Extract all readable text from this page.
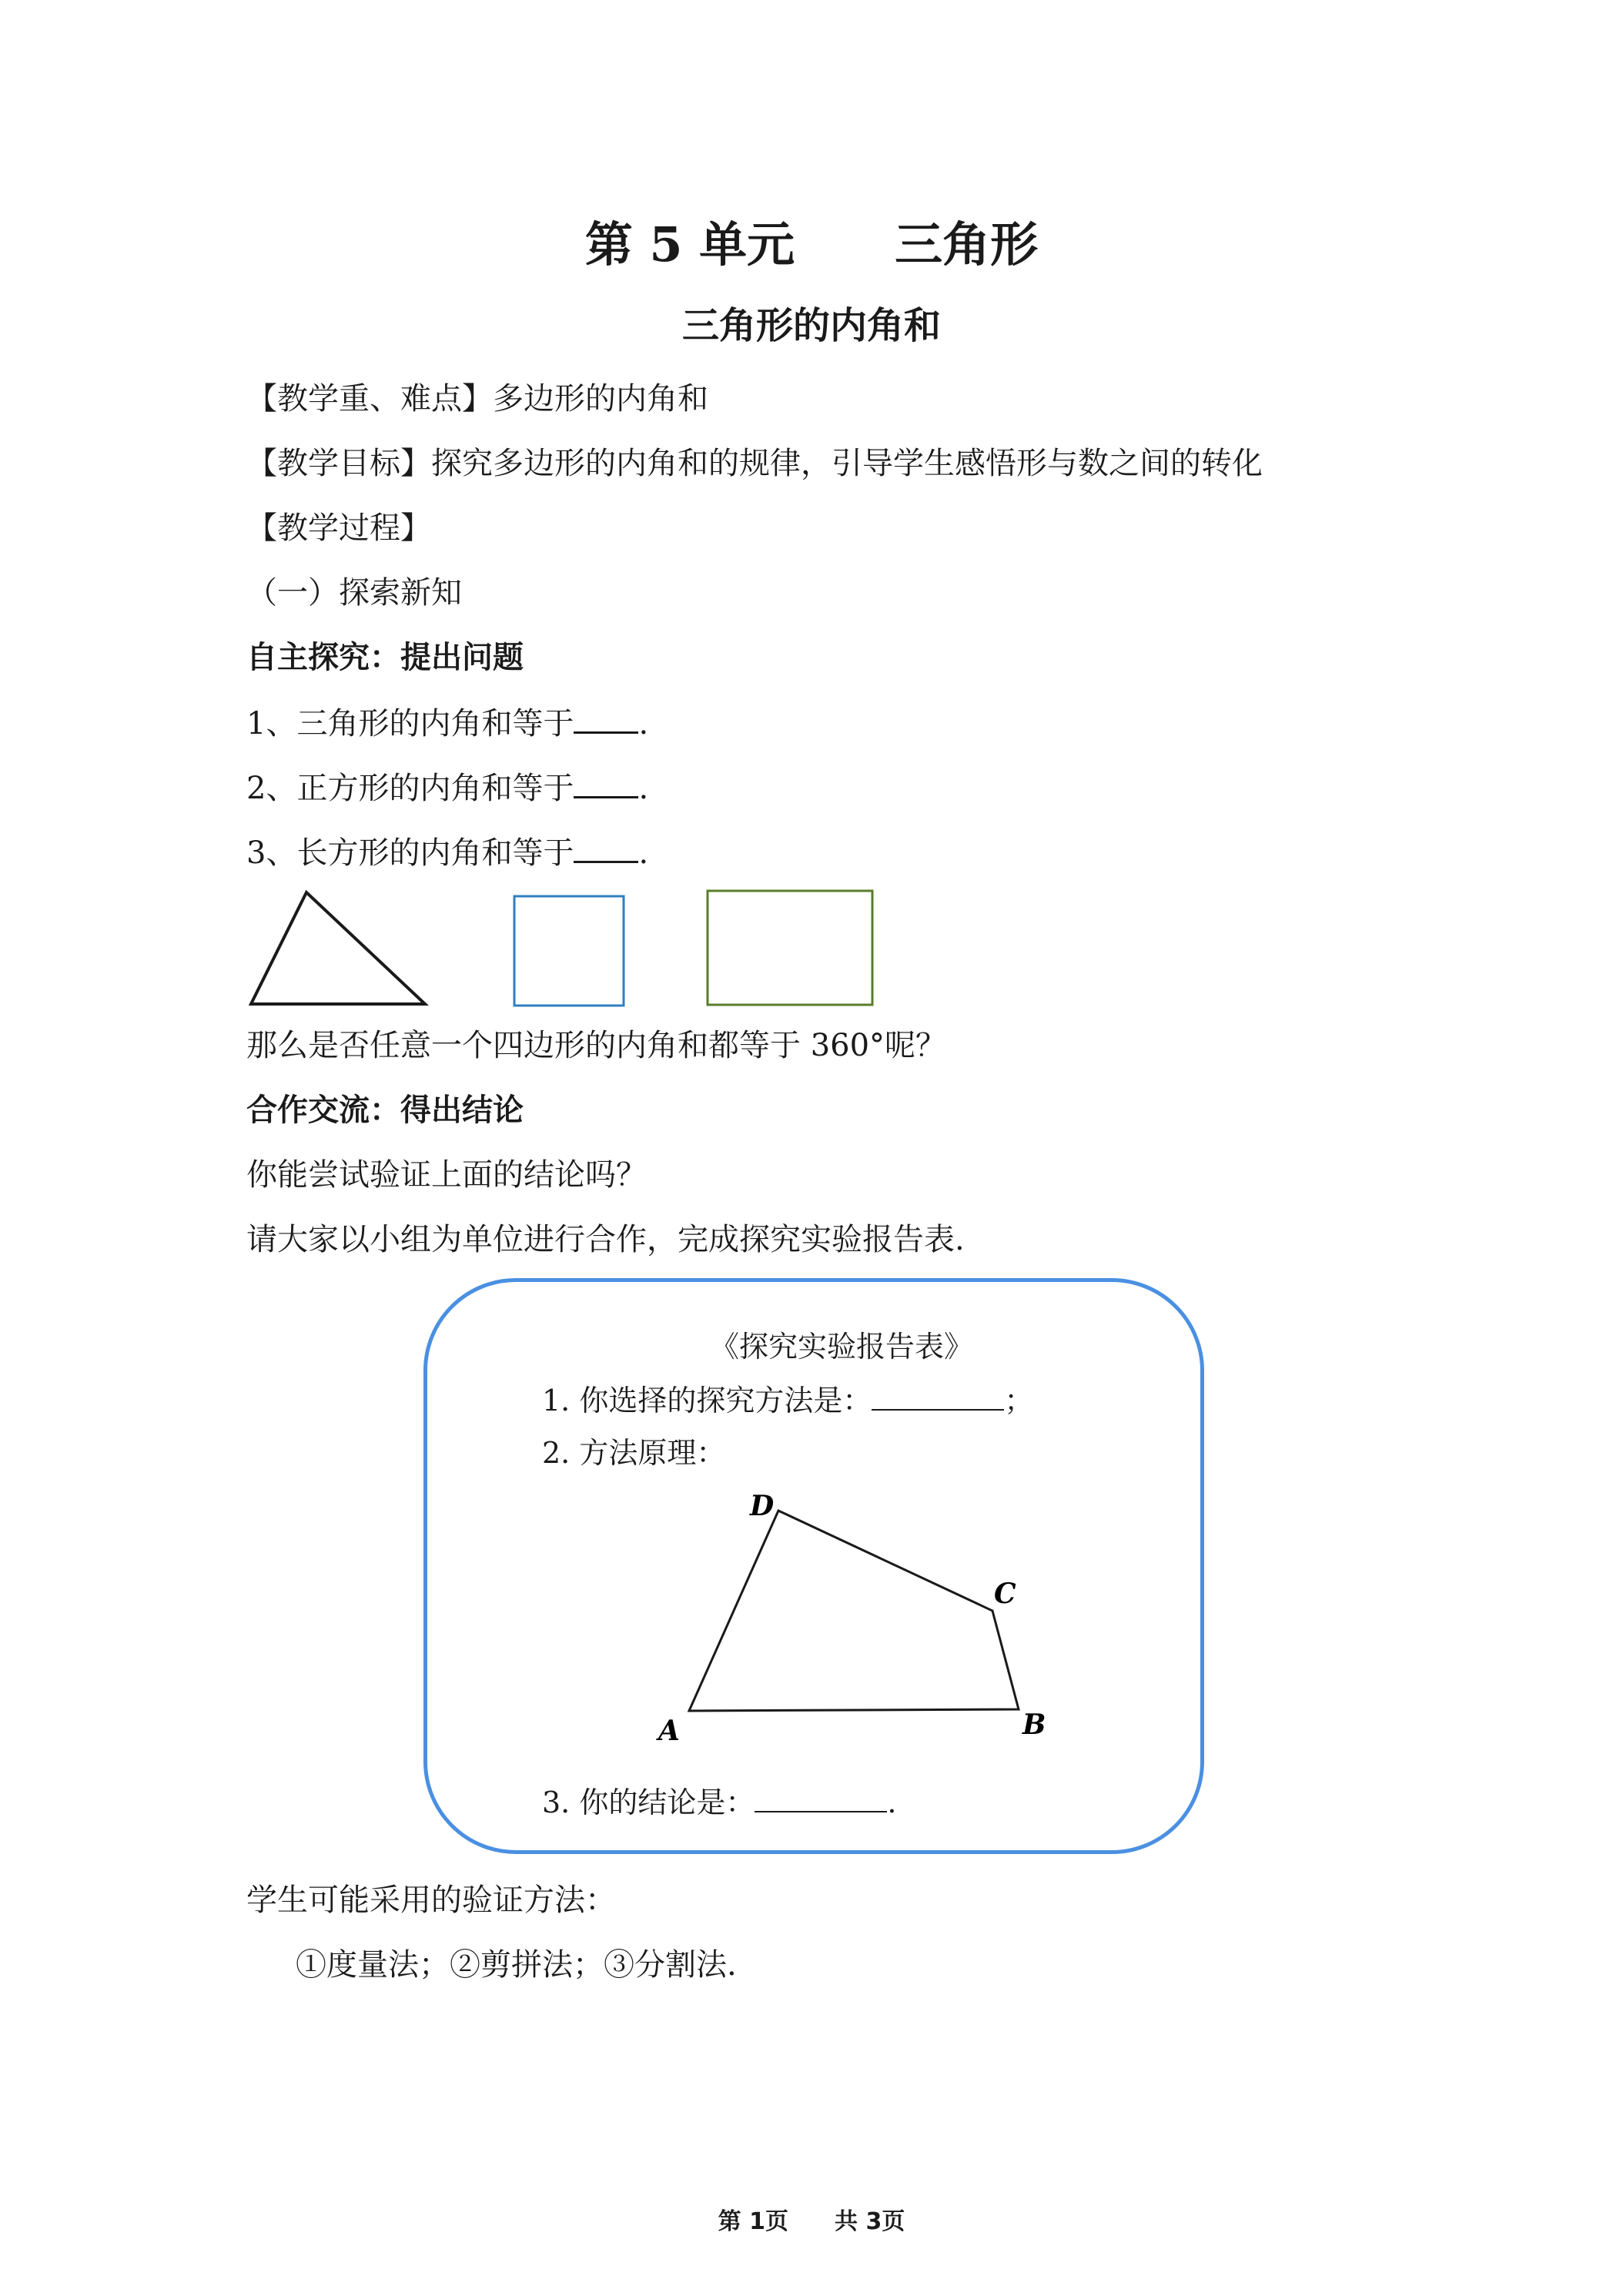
第 5 单元 三角形
三角形的内角和
【教学重、难点】多边形的内角和
【教学目标】探究多边形的内角和的规律，引导学生感悟形与数之间的转化
【教学过程】
（一）探索新知
自主探究：提出问题
1、三角形的内角和等于 .
2、正方形的内角和等于 .
3、长方形的内角和等于 .
那么是否任意一个四边形的内角和都等于 360°呢？
合作交流：得出结论
你能尝试验证上面的结论吗？
请大家以小组为单位进行合作，完成探究实验报告表.
《探究实验报告表》
1. 你选择的探究方法是：	；
2. 方法原理：
A	B
C
D
3. 你的结论是：	.
学生可能采用的验证方法：
①度量法；②剪拼法；③分割法.
第 1页 共 3页
